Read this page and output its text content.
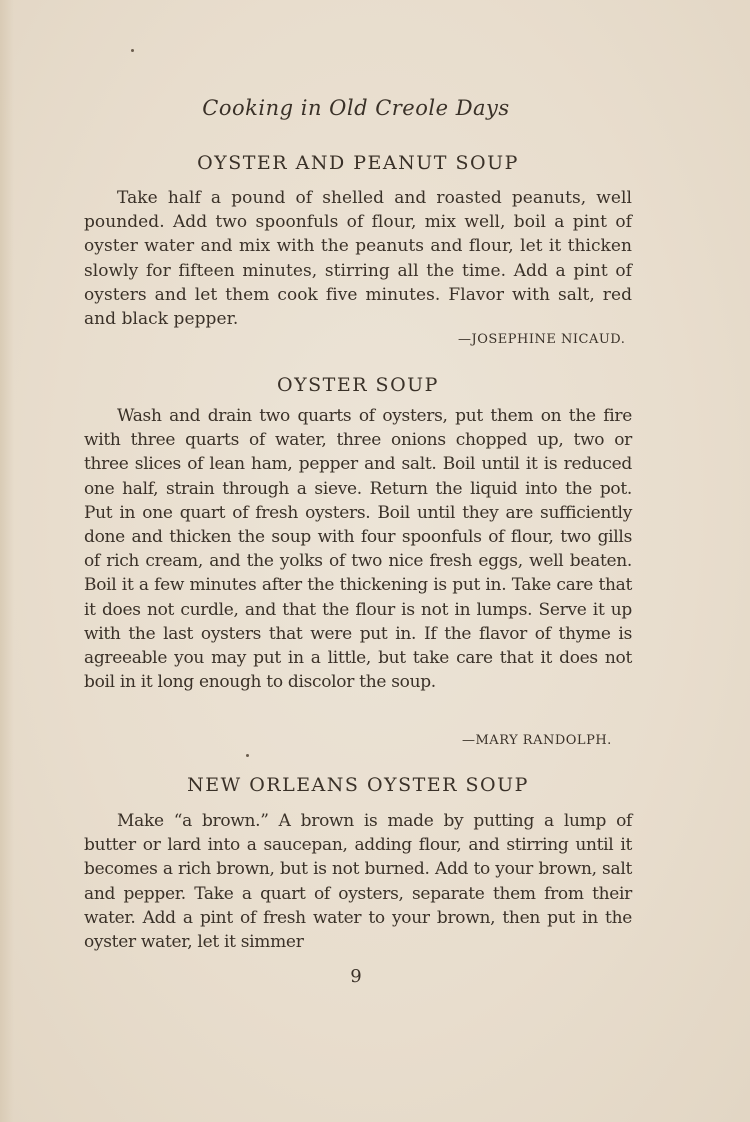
Cooking in Old Creole Days
OYSTER AND PEANUT SOUP
Take half a pound of shelled and roasted peanuts, well pounded. Add two spoonfuls of flour, mix well, boil a pint of oyster water and mix with the peanuts and flour, let it thicken slowly for fifteen minutes, stirring all the time. Add a pint of oysters and let them cook five minutes. Flavor with salt, red and black pepper.
—JOSEPHINE NICAUD.
OYSTER SOUP
Wash and drain two quarts of oysters, put them on the fire with three quarts of water, three onions chopped up, two or three slices of lean ham, pepper and salt. Boil until it is reduced one half, strain through a sieve. Return the liquid into the pot. Put in one quart of fresh oysters. Boil until they are sufficiently done and thicken the soup with four spoonfuls of flour, two gills of rich cream, and the yolks of two nice fresh eggs, well beaten. Boil it a few minutes after the thickening is put in. Take care that it does not curdle, and that the flour is not in lumps. Serve it up with the last oysters that were put in. If the flavor of thyme is agreeable you may put in a little, but take care that it does not boil in it long enough to discolor the soup.
—MARY RANDOLPH.
NEW ORLEANS OYSTER SOUP
Make “a brown.” A brown is made by putting a lump of butter or lard into a saucepan, adding flour, and stirring until it becomes a rich brown, but is not burned. Add to your brown, salt and pepper. Take a quart of oysters, separate them from their water. Add a pint of fresh water to your brown, then put in the oyster water, let it simmer
9
